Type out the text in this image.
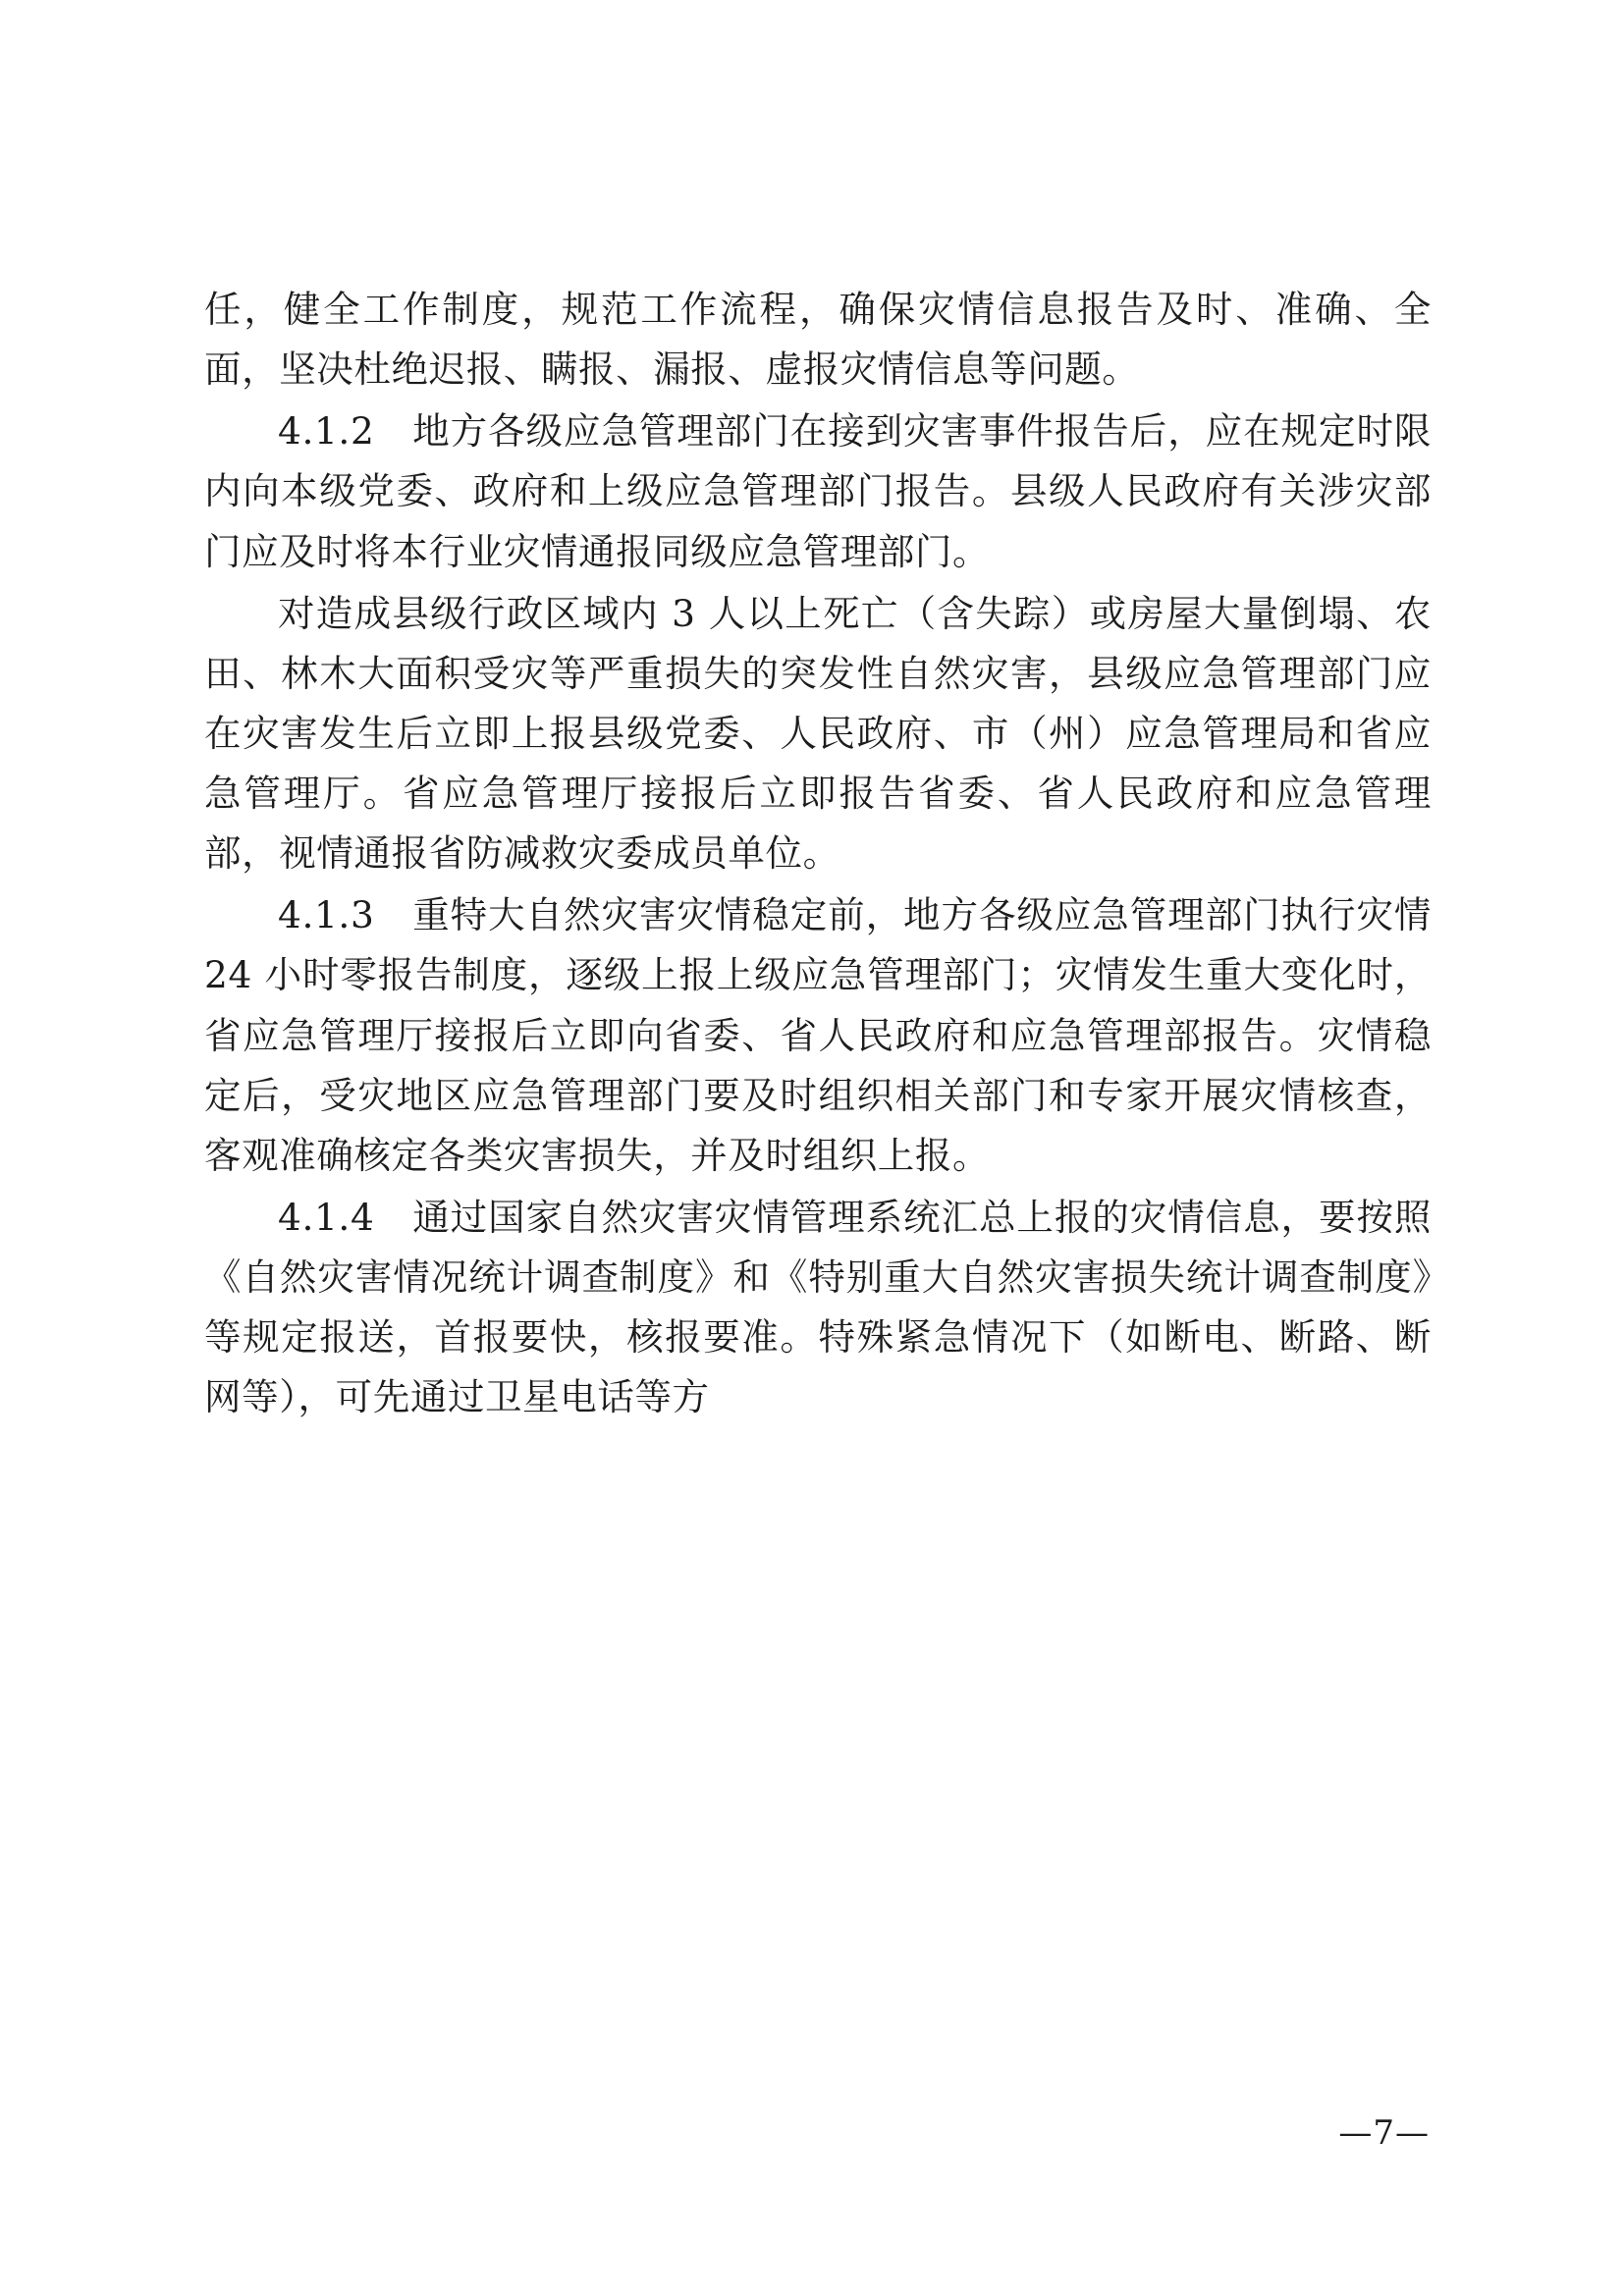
任，健全工作制度，规范工作流程，确保灾情信息报告及时、准确、全面，坚决杜绝迟报、瞒报、漏报、虚报灾情信息等问题。

4.1.2　地方各级应急管理部门在接到灾害事件报告后，应在规定时限内向本级党委、政府和上级应急管理部门报告。县级人民政府有关涉灾部门应及时将本行业灾情通报同级应急管理部门。

对造成县级行政区域内 3 人以上死亡（含失踪）或房屋大量倒塌、农田、林木大面积受灾等严重损失的突发性自然灾害，县级应急管理部门应在灾害发生后立即上报县级党委、人民政府、市（州）应急管理局和省应急管理厅。省应急管理厅接报后立即报告省委、省人民政府和应急管理部，视情通报省防减救灾委成员单位。

4.1.3　重特大自然灾害灾情稳定前，地方各级应急管理部门执行灾情 24 小时零报告制度，逐级上报上级应急管理部门；灾情发生重大变化时，省应急管理厅接报后立即向省委、省人民政府和应急管理部报告。灾情稳定后，受灾地区应急管理部门要及时组织相关部门和专家开展灾情核查，客观准确核定各类灾害损失，并及时组织上报。

4.1.4　通过国家自然灾害灾情管理系统汇总上报的灾情信息，要按照《自然灾害情况统计调查制度》和《特别重大自然灾害损失统计调查制度》等规定报送，首报要快，核报要准。特殊紧急情况下（如断电、断路、断网等），可先通过卫星电话等方

—7—
